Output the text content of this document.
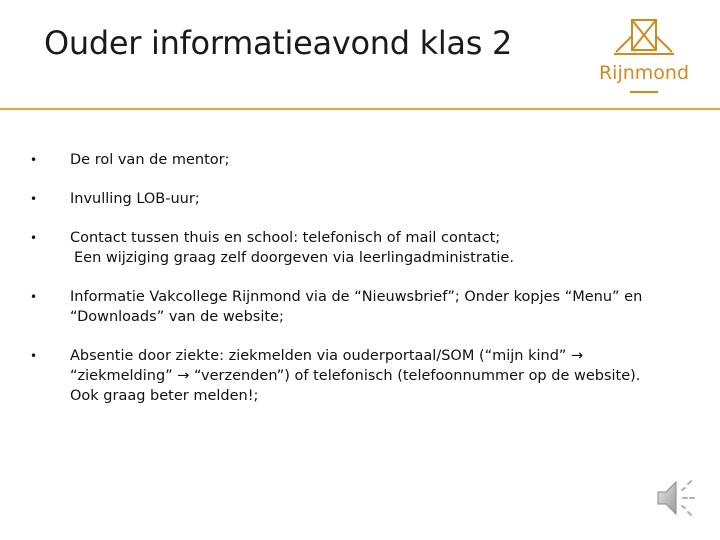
Ouder informatieavond klas 2
Rijnmond
•	De rol van de mentor;
•	Invulling LOB-uur;
•	Contact tussen thuis en school: telefonisch of mail contact;
Een wijziging graag zelf doorgeven via leerlingadministratie.
•	Informatie Vakcollege Rijnmond via de “Nieuwsbrief”; Onder kopjes “Menu” en
“Downloads” van de website;
•	Absentie door ziekte: ziekmelden via ouderportaal/SOM (“mijn kind” →
“ziekmelding” → “verzenden”) of telefonisch (telefoonnummer op de website).
Ook graag beter melden!;
